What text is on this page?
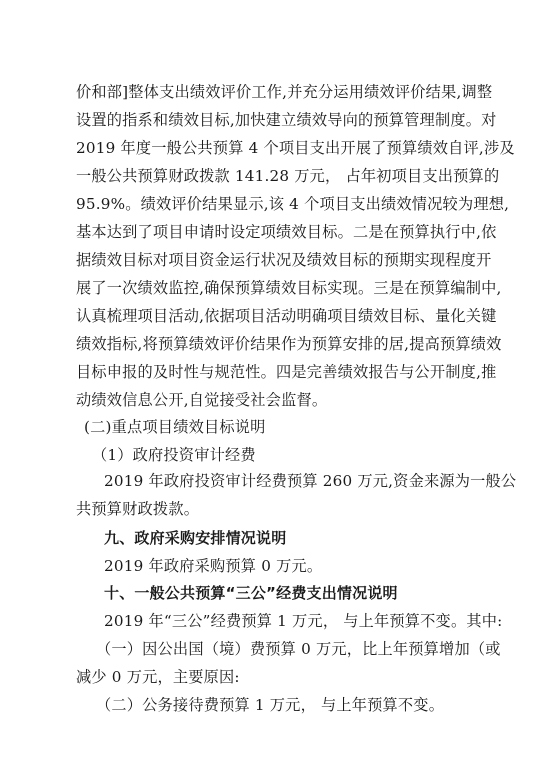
价和部]整体支出绩效评价工作,并充分运用绩效评价结果,调整
设置的指系和绩效目标,加快建立绩效导向的预算管理制度。对
2019 年度一般公共预算 4 个项目支出开展了预算绩效自评,涉及
一般公共预算财政拨款 141.28 万元， 占年初项目支出预算的
95.9%。绩效评价结果显示,该 4 个项目支出绩效情况较为理想,
基本达到了项目申请时设定项绩效目标。二是在预算执行中,依
据绩效目标对项目资金运行状况及绩效目标的预期实现程度开
展了一次绩效监控,确保预算绩效目标实现。三是在预算编制中,
认真梳理项目活动,依据项目活动明确项目绩效目标、量化关键
绩效指标,将预算绩效评价结果作为预算安排的居,提高预算绩效
目标申报的及时性与规范性。四是完善绩效报告与公开制度,推
动绩效信息公开,自觉接受社会监督。
(二)重点项目绩效目标说明
（1）政府投资审计经费
2019 年政府投资审计经费预算 260 万元,资金来源为一般公
共预算财政拨款。
九、政府采购安排情况说明
2019 年政府采购预算 0 万元。
十、一般公共预算“三公”经费支出情况说明
2019 年“三公”经费预算 1 万元， 与上年预算不变。其中:
（一）因公出国（境）费预算 0 万元，比上年预算增加（或
减少 0 万元，主要原因:
（二）公务接待费预算 1 万元， 与上年预算不变。
